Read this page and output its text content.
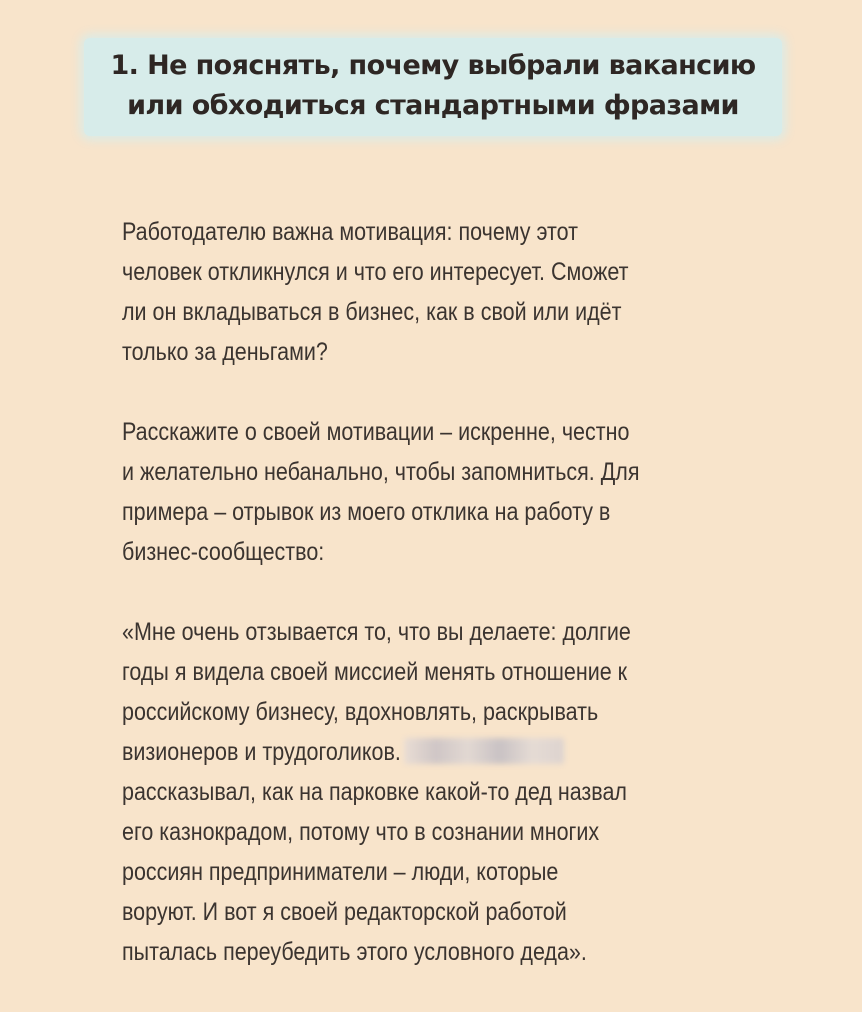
1. Не пояснять, почему выбрали вакансию
или обходиться стандартными фразами

Работодателю важна мотивация: почему этот
человек откликнулся и что его интересует. Сможет
ли он вкладываться в бизнес, как в свой или идёт
только за деньгами?

Расскажите о своей мотивации – искренне, честно
и желательно небанально, чтобы запомниться. Для
примера – отрывок из моего отклика на работу в
бизнес-сообщество:

«Мне очень отзывается то, что вы делаете: долгие
годы я видела своей миссией менять отношение к
российскому бизнесу, вдохновлять, раскрывать
визионеров и трудоголиков.
рассказывал, как на парковке какой-то дед назвал
его казнокрадом, потому что в сознании многих
россиян предприниматели – люди, которые
воруют. И вот я своей редакторской работой
пыталась переубедить этого условного деда».
